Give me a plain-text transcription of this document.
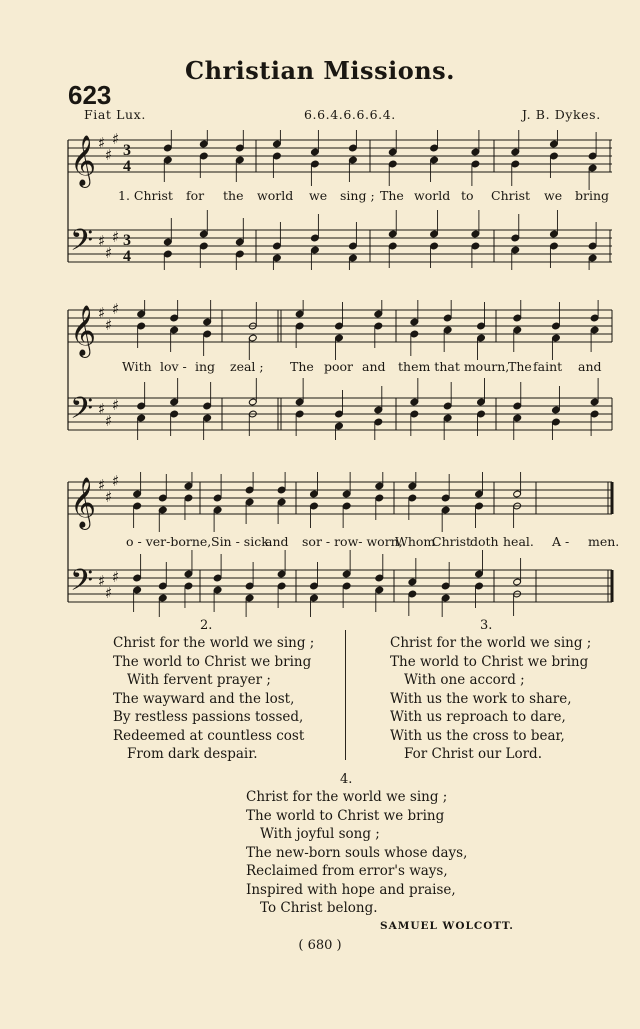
Christian Missions.
623
Fiat Lux.	6.6.4.6.6.6.4.	J. B. Dykes.
𝄞 ♯
♯
♯
3
4
𝄢 ♯
♯
♯ 3
4
1. Christ for the world we sing ; The world to Christ we bring
𝄞 ♯
♯
♯
𝄢 ♯
♯
♯
With lov - ing zeal ; The poor and them that mourn,
The faint and
𝄞 ♯
♯
♯
𝄢 ♯
♯
♯
o - ver-borne, Sin - sick
and sor - row- worn,
Whom
Christ
doth heal. A - men.
2.	3.
4.
SAMUEL WOLCOTT.
( 680 )
Christ for the world we sing ;
The world to Christ we bring
With fervent prayer ;
The wayward and the lost,
By restless passions tossed,
Redeemed at countless cost
From dark despair.
Christ for the world we sing ;
The world to Christ we bring
With one accord ;
With us the work to share,
With us reproach to dare,
With us the cross to bear,
For Christ our Lord.
Christ for the world we sing ;
The world to Christ we bring
With joyful song ;
The new-born souls whose days,
Reclaimed from error's ways,
Inspired with hope and praise,
To Christ belong.
